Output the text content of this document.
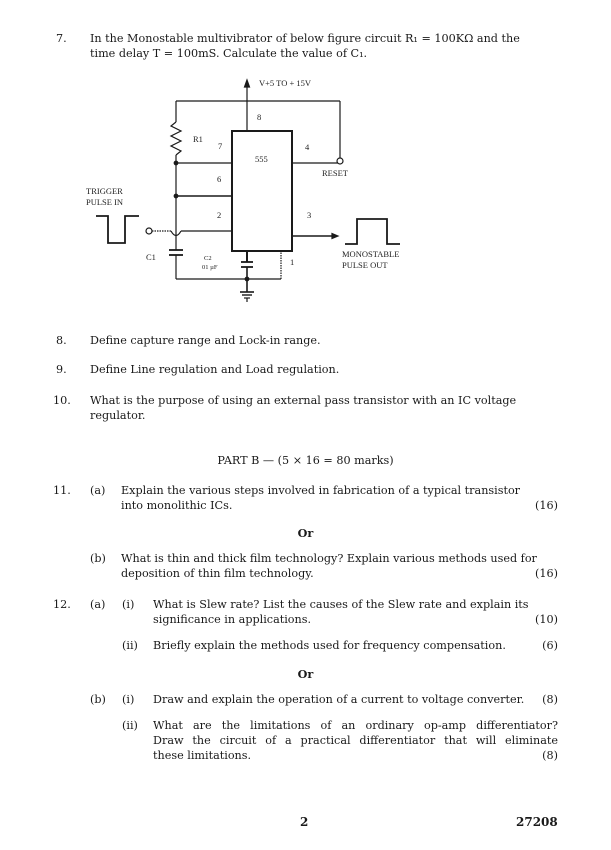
7. In the Monostable multivibrator of below figure circuit R₁ = 100KΩ and the
time delay T = 100mS. Calculate the value of C₁.
V+5 TO + 15V
8
R1
7
555
4
RESET
6
TRIGGER
PULSE IN
2	3
C1	C2
01 µF
1
MONOSTABLE
PULSE OUT
8. Define capture range and Lock-in range.
9. Define Line regulation and Load regulation.
10. What is the purpose of using an external pass transistor with an IC voltage
regulator.
PART B — (5 × 16 = 80 marks)
11. (a) Explain the various steps involved in fabrication of a typical transistor
into monolithic ICs.	(16)
Or
(b) What is thin and thick film technology? Explain various methods used for
deposition of thin film technology.	(16)
12. (a) (i) What is Slew rate? List the causes of the Slew rate and explain its
significance in applications.	(10)
(ii) Briefly explain the methods used for frequency compensation.	(6)
Or
(b) (i) Draw and explain the operation of a current to voltage converter.	(8)
(ii) What are the limitations of an ordinary op-amp differentiator?
Draw the circuit of a practical differentiator that will eliminate
these limitations.	(8)
2	27208
